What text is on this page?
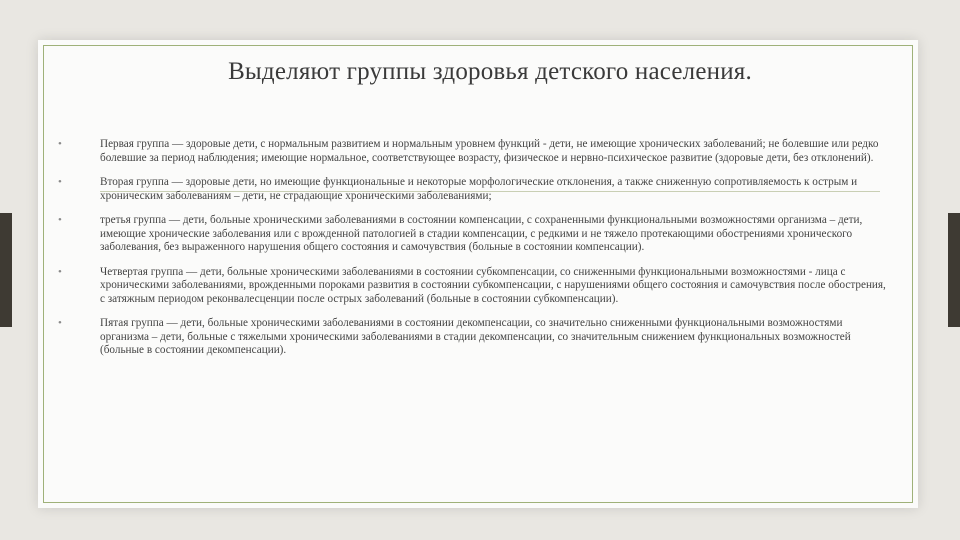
Выделяют группы здоровья детского населения.
•	Первая группа — здоровые дети, с нормальным развитием и нормальным уровнем функций - дети, не имеющие хронических заболеваний; не болевшие или редко болевшие за период наблюдения; имеющие нормальное, соответствующее возрасту, физическое и нервно-психическое развитие (здоровые дети, без отклонений).
•	Вторая группа — здоровые дети, но имеющие функциональные и некоторые морфологические отклонения, а также сниженную сопротивляемость к острым и хроническим заболеваниям – дети, не страдающие хроническими заболеваниями;
•	третья группа — дети, больные хроническими заболеваниями в состоянии компенсации, с сохраненными функциональными возможностями организма – дети, имеющие хронические заболевания или с врожденной патологией в стадии компенсации, с редкими и не тяжело протекающими обострениями хронического заболевания, без выраженного нарушения общего состояния и самочувствия (больные в состоянии компенсации).
•	Четвертая группа — дети, больные хроническими заболеваниями в состоянии субкомпенсации, со сниженными функциональными возможностями - лица с хроническими заболеваниями, врожденными пороками развития в состоянии субкомпенсации, с нарушениями общего состояния и самочувствия после обострения, с затяжным периодом реконвалесценции после острых заболеваний (больные в состоянии субкомпенсации).
•	Пятая группа — дети, больные хроническими заболеваниями в состоянии декомпенсации, со значительно сниженными функциональными возможностями организма – дети, больные с тяжелыми хроническими заболеваниями в стадии декомпенсации, со значительным снижением функциональных возможностей (больные в состоянии декомпенсации).
